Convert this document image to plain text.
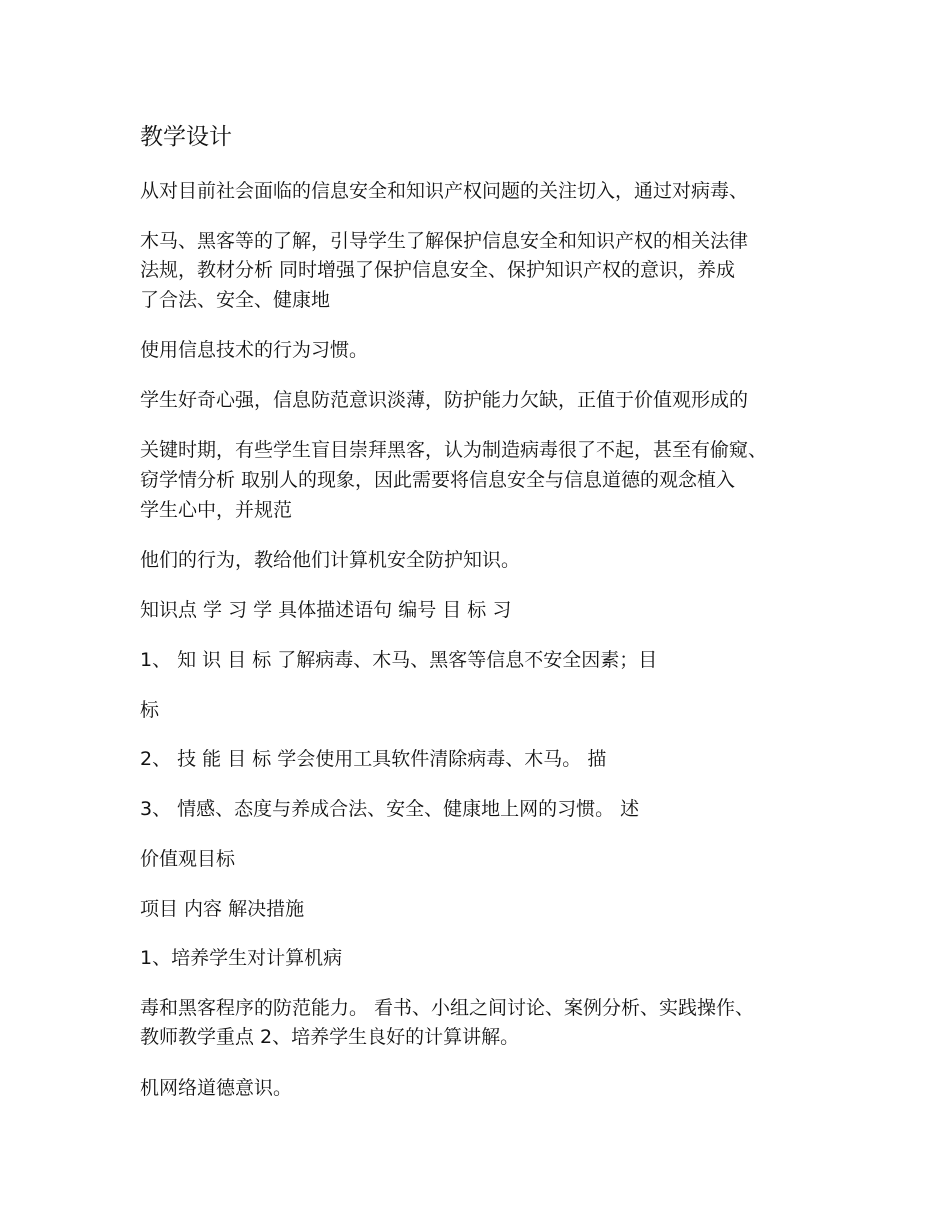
教学设计
从对目前社会面临的信息安全和知识产权问题的关注切入，通过对病毒、
木马、黑客等的了解，引导学生了解保护信息安全和知识产权的相关法律
法规，教材分析 同时增强了保护信息安全、保护知识产权的意识，养成
了合法、安全、健康地
使用信息技术的行为习惯。
学生好奇心强，信息防范意识淡薄，防护能力欠缺，正值于价值观形成的
关键时期，有些学生盲目崇拜黑客，认为制造病毒很了不起，甚至有偷窥、
窃学情分析 取别人的现象，因此需要将信息安全与信息道德的观念植入
学生心中，并规范
他们的行为，教给他们计算机安全防护知识。
知识点 学 习 学 具体描述语句 编号 目 标 习
1、 知 识 目 标 了解病毒、木马、黑客等信息不安全因素；目
标
2、 技 能 目 标 学会使用工具软件清除病毒、木马。 描
3、 情感、态度与养成合法、安全、健康地上网的习惯。 述
价值观目标
项目 内容 解决措施
1、培养学生对计算机病
毒和黑客程序的防范能力。 看书、小组之间讨论、案例分析、实践操作、
教师教学重点 2、培养学生良好的计算讲解。
机网络道德意识。
